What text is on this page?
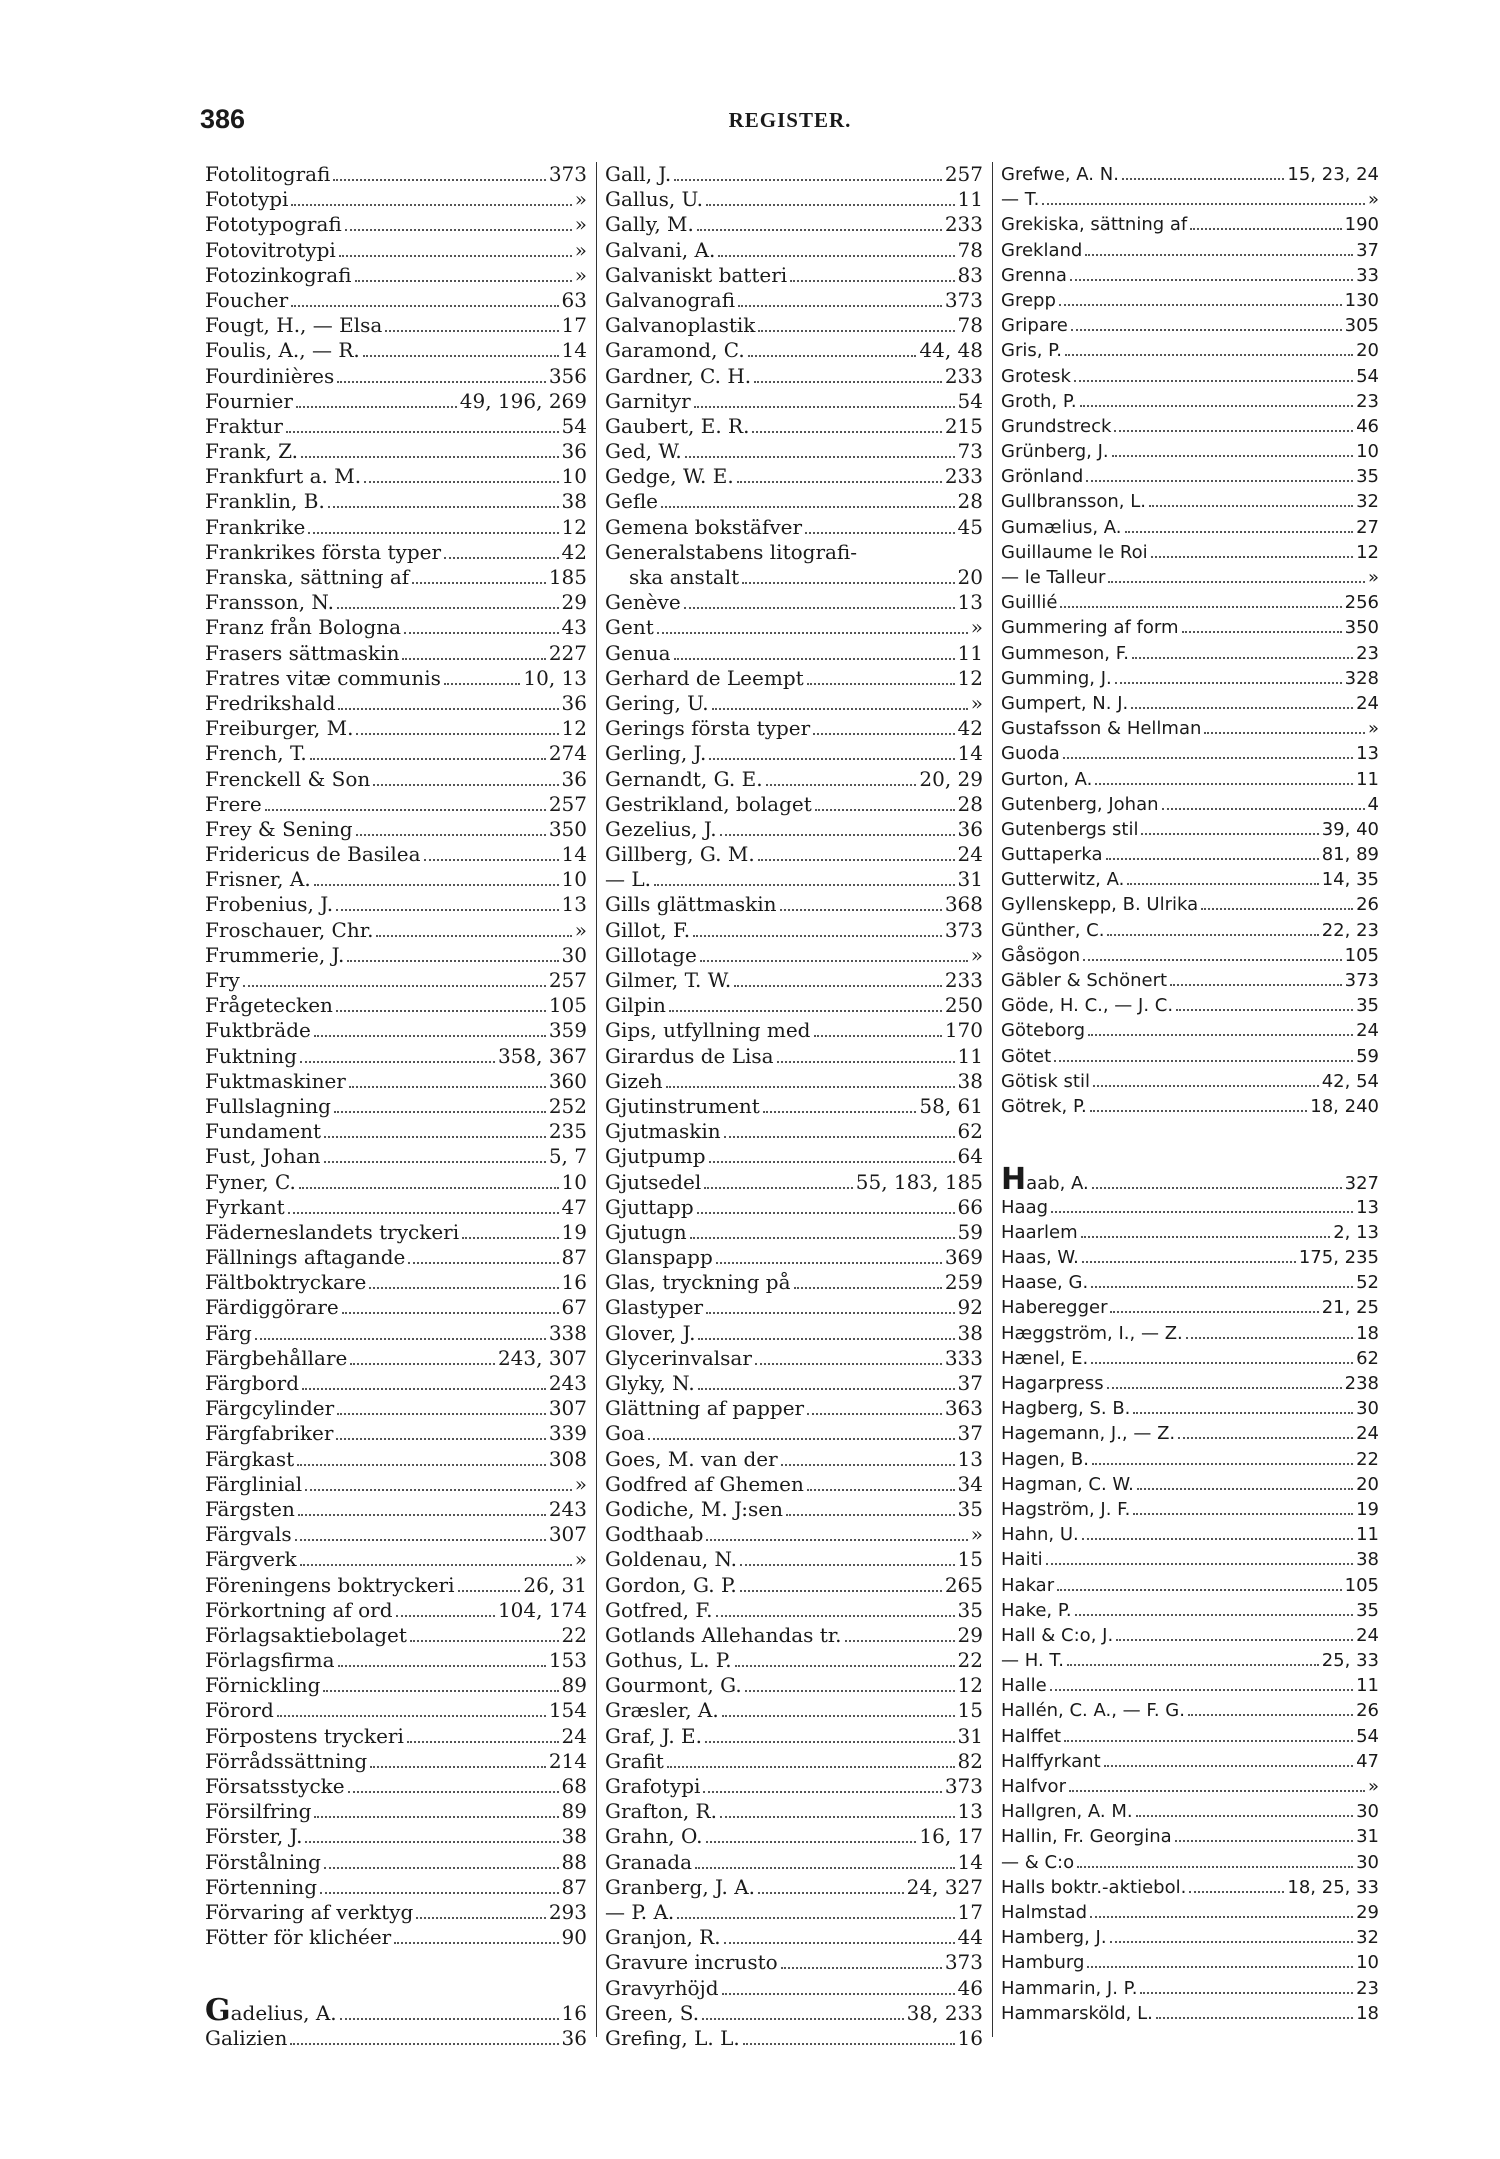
386	REGISTER.
Fotolitografi	373
Fototypi	»
Fototypografi	»
Fotovitrotypi	»
Fotozinkografi	»
Foucher	63
Fougt, H., — Elsa	17
Foulis, A., — R.	14
Fourdinières	356
Fournier	49, 196, 269
Fraktur	54
Frank, Z.	36
Frankfurt a. M.	10
Franklin, B.	38
Frankrike	12
Frankrikes första typer	42
Franska, sättning af	185
Fransson, N.	29
Franz från Bologna	43
Frasers sättmaskin	227
Fratres vitæ communis	10, 13
Fredrikshald	36
Freiburger, M.	12
French, T.	274
Frenckell & Son	36
Frere	257
Frey & Sening	350
Fridericus de Basilea	14
Frisner, A.	10
Frobenius, J.	13
Froschauer, Chr.	»
Frummerie, J.	30
Fry	257
Frågetecken	105
Fuktbräde	359
Fuktning	358, 367
Fuktmaskiner	360
Fullslagning	252
Fundament	235
Fust, Johan	5, 7
Fyner, C.	10
Fyrkant	47
Fäderneslandets tryckeri	19
Fällnings aftagande	87
Fältboktryckare	16
Färdiggörare	67
Färg	338
Färgbehållare	243, 307
Färgbord	243
Färgcylinder	307
Färgfabriker	339
Färgkast	308
Färglinial	»
Färgsten	243
Färgvals	307
Färgverk	»
Föreningens boktryckeri	26, 31
Förkortning af ord	104, 174
Förlagsaktiebolaget	22
Förlagsfirma	153
Förnickling	89
Förord	154
Förpostens tryckeri	24
Förrådssättning	214
Försatsstycke	68
Försilfring	89
Förster, J.	38
Förstålning	88
Förtenning	87
Förvaring af verktyg	293
Fötter för klichéer	90
Gadelius, A.	16
Galizien	36
Gall, J.	257
Gallus, U.	11
Gally, M.	233
Galvani, A.	78
Galvaniskt batteri	83
Galvanografi	373
Galvanoplastik	78
Garamond, C.	44, 48
Gardner, C. H.	233
Garnityr	54
Gaubert, E. R.	215
Ged, W.	73
Gedge, W. E.	233
Gefle	28
Gemena bokstäfver	45
Generalstabens litografi-
ska anstalt	20
Genève	13
Gent	»
Genua	11
Gerhard de Leempt	12
Gering, U.	»
Gerings första typer	42
Gerling, J.	14
Gernandt, G. E.	20, 29
Gestrikland, bolaget	28
Gezelius, J.	36
Gillberg, G. M.	24
— L.	31
Gills glättmaskin	368
Gillot, F.	373
Gillotage	»
Gilmer, T. W.	233
Gilpin	250
Gips, utfyllning med	170
Girardus de Lisa	11
Gizeh	38
Gjutinstrument	58, 61
Gjutmaskin	62
Gjutpump	64
Gjutsedel	55, 183, 185
Gjuttapp	66
Gjutugn	59
Glanspapp	369
Glas, tryckning på	259
Glastyper	92
Glover, J.	38
Glycerinvalsar	333
Glyky, N.	37
Glättning af papper	363
Goa	37
Goes, M. van der	13
Godfred af Ghemen	34
Godiche, M. J:sen	35
Godthaab	»
Goldenau, N.	15
Gordon, G. P.	265
Gotfred, F.	35
Gotlands Allehandas tr.	29
Gothus, L. P.	22
Gourmont, G.	12
Græsler, A.	15
Graf, J. E.	31
Grafit	82
Grafotypi	373
Grafton, R.	13
Grahn, O.	16, 17
Granada	14
Granberg, J. A.	24, 327
— P. A.	17
Granjon, R.	44
Gravure incrusto	373
Gravyrhöjd	46
Green, S.	38, 233
Grefing, L. L.	16
Grefwe, A. N.	15, 23, 24
— T.	»
Grekiska, sättning af	190
Grekland	37
Grenna	33
Grepp	130
Gripare	305
Gris, P.	20
Grotesk	54
Groth, P.	23
Grundstreck	46
Grünberg, J.	10
Grönland	35
Gullbransson, L.	32
Gumælius, A.	27
Guillaume le Roi	12
— le Talleur	»
Guillié	256
Gummering af form	350
Gummeson, F.	23
Gumming, J.	328
Gumpert, N. J.	24
Gustafsson & Hellman	»
Guoda	13
Gurton, A.	11
Gutenberg, Johan	4
Gutenbergs stil	39, 40
Guttaperka	81, 89
Gutterwitz, A.	14, 35
Gyllenskepp, B. Ulrika	26
Günther, C.	22, 23
Gåsögon	105
Gäbler & Schönert	373
Göde, H. C., — J. C.	35
Göteborg	24
Götet	59
Götisk stil	42, 54
Götrek, P.	18, 240
Haab, A.	327
Haag	13
Haarlem	2, 13
Haas, W.	175, 235
Haase, G.	52
Haberegger	21, 25
Hæggström, I., — Z.	18
Hænel, E.	62
Hagarpress	238
Hagberg, S. B.	30
Hagemann, J., — Z.	24
Hagen, B.	22
Hagman, C. W.	20
Hagström, J. F.	19
Hahn, U.	11
Haiti	38
Hakar	105
Hake, P.	35
Hall & C:o, J.	24
— H. T.	25, 33
Halle	11
Hallén, C. A., — F. G.	26
Halffet	54
Halffyrkant	47
Halfvor	»
Hallgren, A. M.	30
Hallin, Fr. Georgina	31
— & C:o	30
Halls boktr.-aktiebol.	18, 25, 33
Halmstad	29
Hamberg, J.	32
Hamburg	10
Hammarin, J. P.	23
Hammarsköld, L.	18
